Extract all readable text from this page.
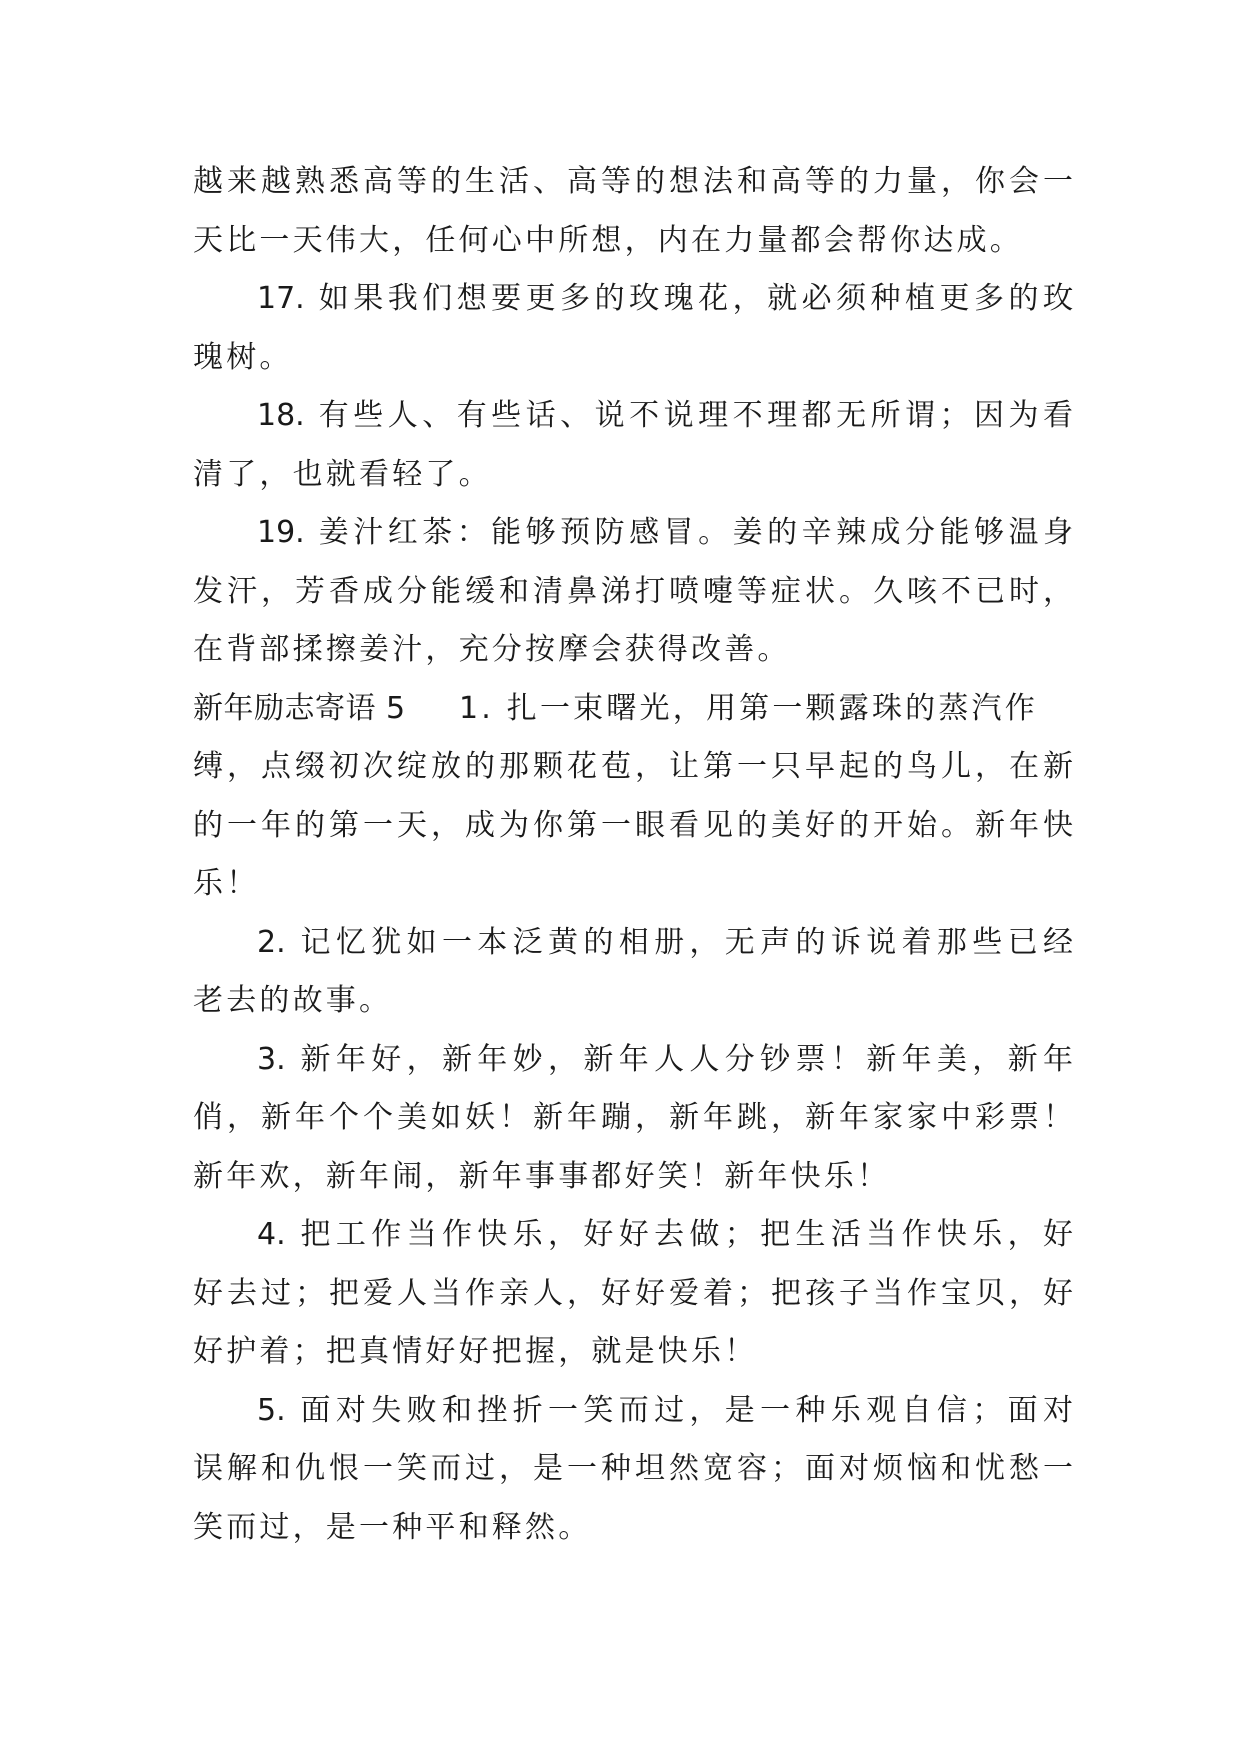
越来越熟悉高等的生活、高等的想法和高等的力量，你会一
天比一天伟大，任何心中所想，内在力量都会帮你达成。
17. 如果我们想要更多的玫瑰花，就必须种植更多的玫
瑰树。
18. 有些人、有些话、说不说理不理都无所谓；因为看
清了，也就看轻了。
19. 姜汁红茶：能够预防感冒。姜的辛辣成分能够温身
发汗，芳香成分能缓和清鼻涕打喷嚏等症状。久咳不已时，
在背部揉擦姜汁，充分按摩会获得改善。
新年励志寄语 5 1. 扎一束曙光，用第一颗露珠的蒸汽作
缚，点缀初次绽放的那颗花苞，让第一只早起的鸟儿，在新
的一年的第一天，成为你第一眼看见的美好的开始。新年快
乐！
2. 记忆犹如一本泛黄的相册，无声的诉说着那些已经
老去的故事。
3. 新年好，新年妙，新年人人分钞票！新年美，新年
俏，新年个个美如妖！新年蹦，新年跳，新年家家中彩票！
新年欢，新年闹，新年事事都好笑！新年快乐！
4. 把工作当作快乐，好好去做；把生活当作快乐，好
好去过；把爱人当作亲人，好好爱着；把孩子当作宝贝，好
好护着；把真情好好把握，就是快乐！
5. 面对失败和挫折一笑而过，是一种乐观自信；面对
误解和仇恨一笑而过，是一种坦然宽容；面对烦恼和忧愁一
笑而过，是一种平和释然。
